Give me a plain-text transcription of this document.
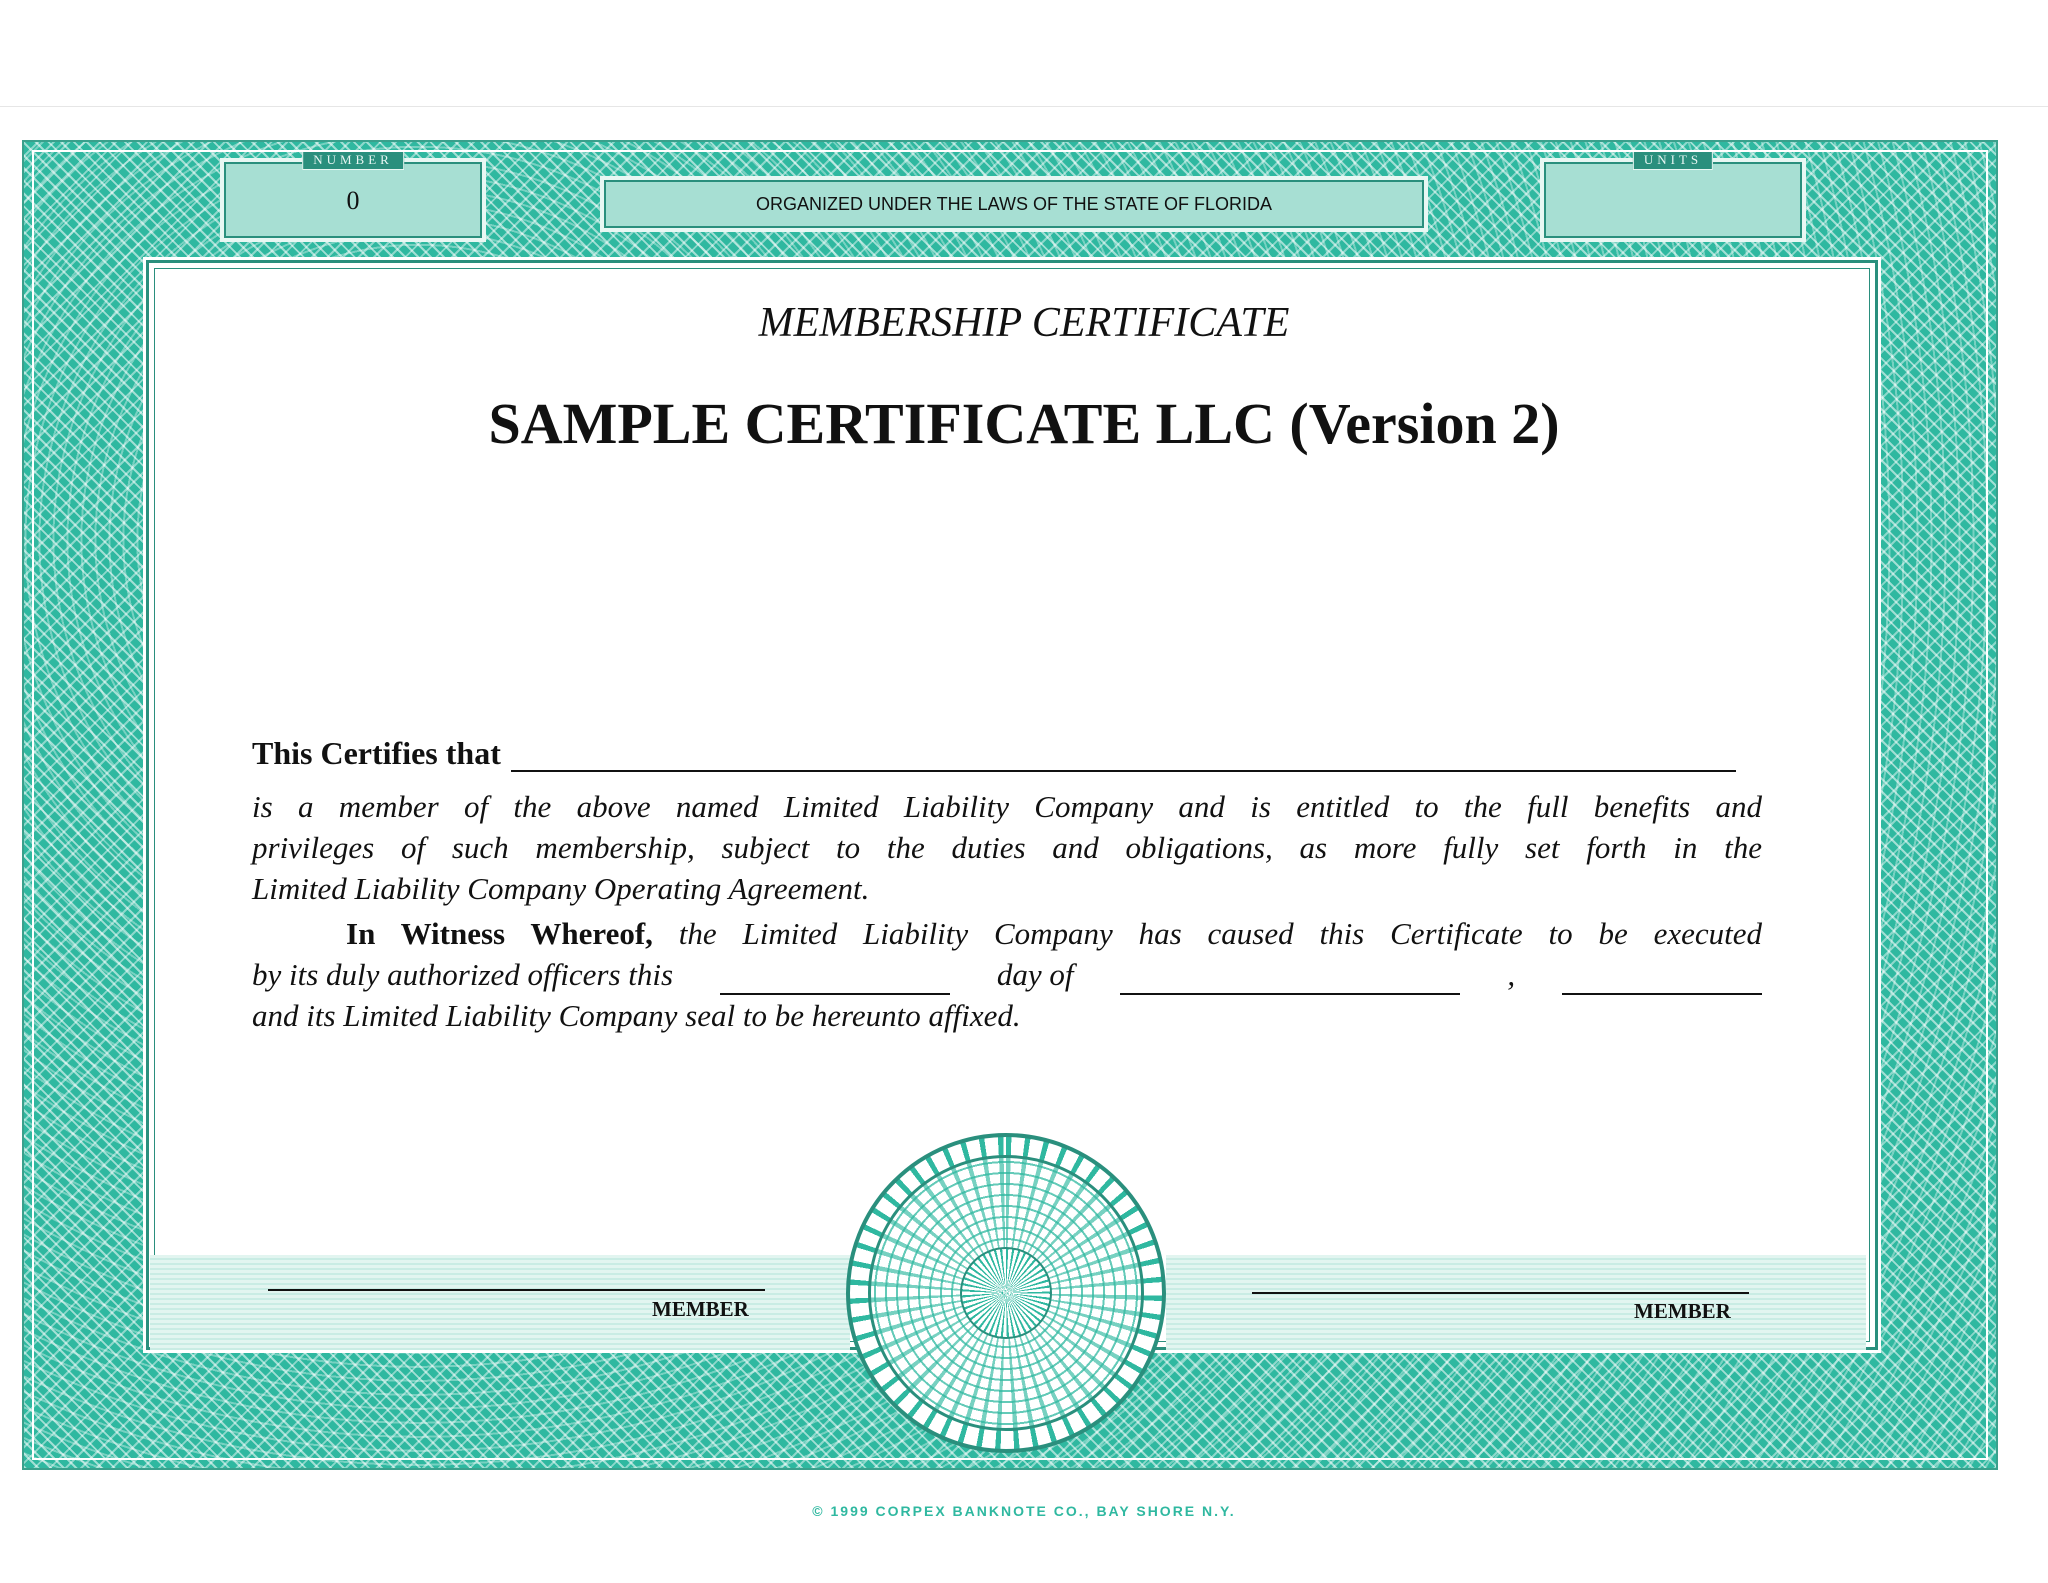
NUMBER
0
UNITS
ORGANIZED UNDER THE LAWS OF THE STATE OF FLORIDA
MEMBERSHIP CERTIFICATE
SAMPLE CERTIFICATE LLC (Version 2)
This Certifies that
is a member of the above named Limited Liability Company and is entitled to the full benefits and
privileges of such membership, subject to the duties and obligations, as more fully set forth in the
Limited Liability Company Operating Agreement.
In Witness Whereof, the Limited Liability Company has caused this Certificate to be executed
by its duly authorized officers this	day of	,
and its Limited Liability Company seal to be hereunto affixed.
MEMBER	MEMBER
© 1999 CORPEX BANKNOTE CO., BAY SHORE N.Y.
